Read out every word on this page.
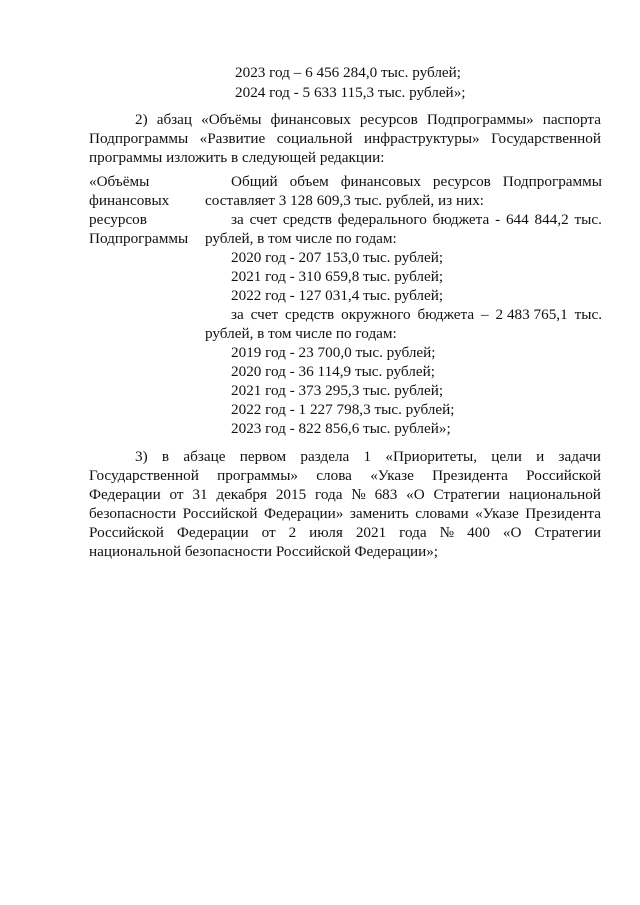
2023 год – 6 456 284,0 тыс. рублей;
2024 год - 5 633 115,3 тыс. рублей»;
2) абзац «Объёмы финансовых ресурсов Подпрограммы» паспорта
Подпрограммы «Развитие социальной инфраструктуры» Государственной
программы изложить в следующей редакции:
«Объёмы
финансовых
ресурсов
Подпрограммы
Общий объем финансовых ресурсов Подпрограммы
составляет 3 128 609,3 тыс. рублей, из них:
за счет средств федерального бюджета - 644 844,2 тыс.
рублей, в том числе по годам:
2020 год - 207 153,0 тыс. рублей;
2021 год - 310 659,8 тыс. рублей;
2022 год - 127 031,4 тыс. рублей;
за счет средств окружного бюджета – 2 483 765,1 тыс.
рублей, в том числе по годам:
2019 год - 23 700,0 тыс. рублей;
2020 год - 36 114,9 тыс. рублей;
2021 год - 373 295,3 тыс. рублей;
2022 год - 1 227 798,3 тыс. рублей;
2023 год - 822 856,6 тыс. рублей»;
3) в абзаце первом раздела 1 «Приоритеты, цели и задачи
Государственной программы» слова «Указе Президента Российской
Федерации от 31 декабря 2015 года № 683 «О Стратегии национальной
безопасности Российской Федерации» заменить словами «Указе Президента
Российской Федерации от 2 июля 2021 года № 400 «О Стратегии
национальной безопасности Российской Федерации»;
